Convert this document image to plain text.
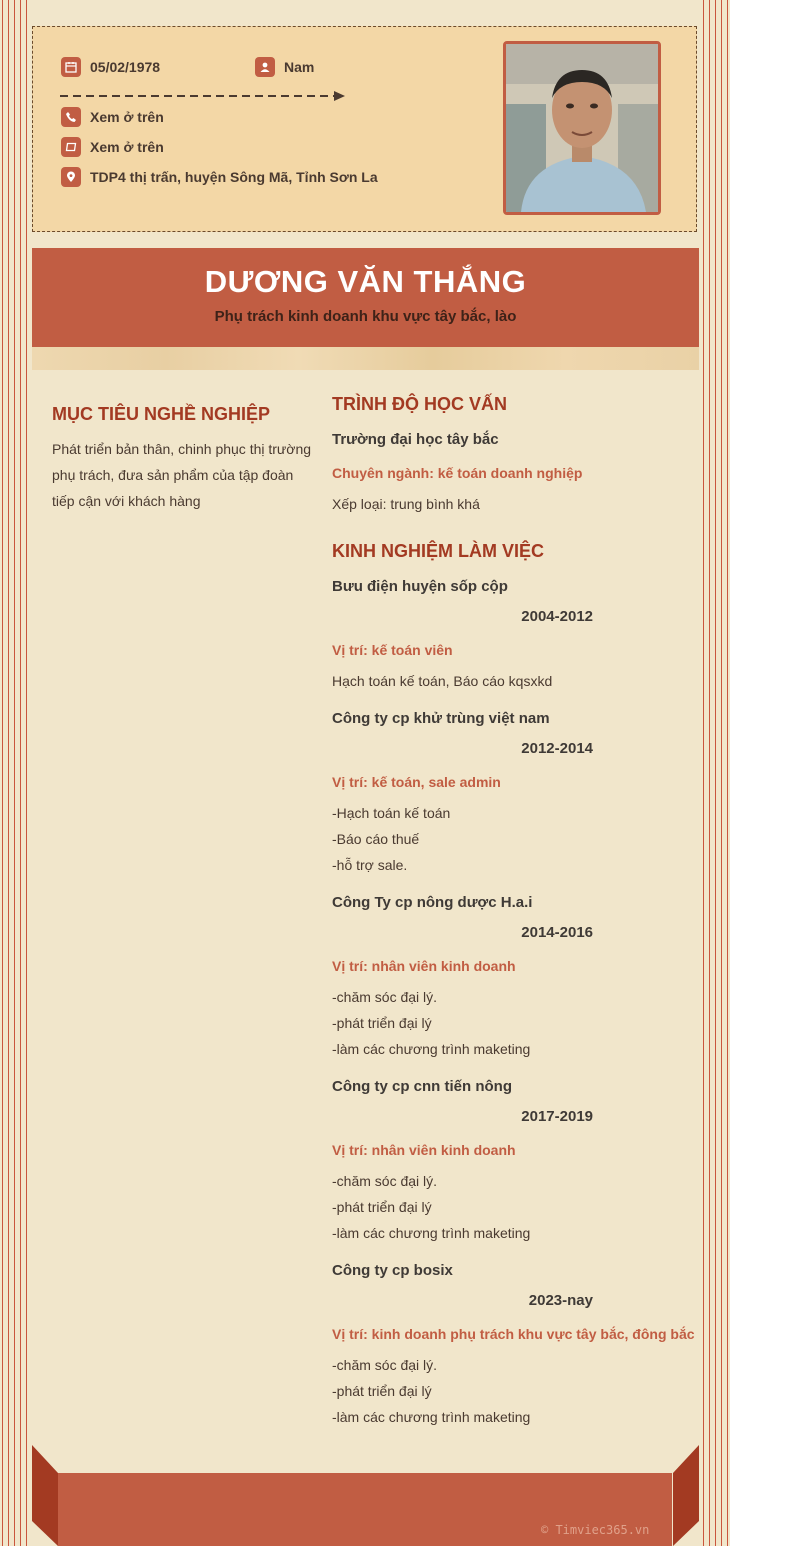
05/02/1978	Nam
Xem ở trên
Xem ở trên
TDP4 thị trấn, huyện Sông Mã, Tỉnh Sơn La
DƯƠNG VĂN THẮNG
Phụ trách kinh doanh khu vực tây bắc, lào
MỤC TIÊU NGHỀ NGHIỆP
Phát triển bản thân, chinh phục thị trường phụ trách, đưa sản phẩm của tập đoàn tiếp cận với khách hàng
TRÌNH ĐỘ HỌC VẤN
Trường đại học tây bắc
Chuyên ngành: kế toán doanh nghiệp
Xếp loại: trung bình khá
KINH NGHIỆM LÀM VIỆC
Bưu điện huyện sốp cộp
2004-2012
Vị trí: kế toán viên
Hạch toán kế toán, Báo cáo kqsxkd
Công ty cp khử trùng việt nam
2012-2014
Vị trí: kế toán, sale admin
-Hạch toán kế toán
-Báo cáo thuế
-hỗ trợ sale.
Công Ty cp nông dược H.a.i
2014-2016
Vị trí: nhân viên kinh doanh
-chăm sóc đại lý.
-phát triển đại lý
-làm các chương trình maketing
Công ty cp cnn tiến nông
2017-2019
Vị trí: nhân viên kinh doanh
-chăm sóc đại lý.
-phát triển đại lý
-làm các chương trình maketing
Công ty cp bosix
2023-nay
Vị trí: kinh doanh phụ trách khu vực tây bắc, đông bắc
-chăm sóc đại lý.
-phát triển đại lý
-làm các chương trình maketing
© Timviec365.vn
